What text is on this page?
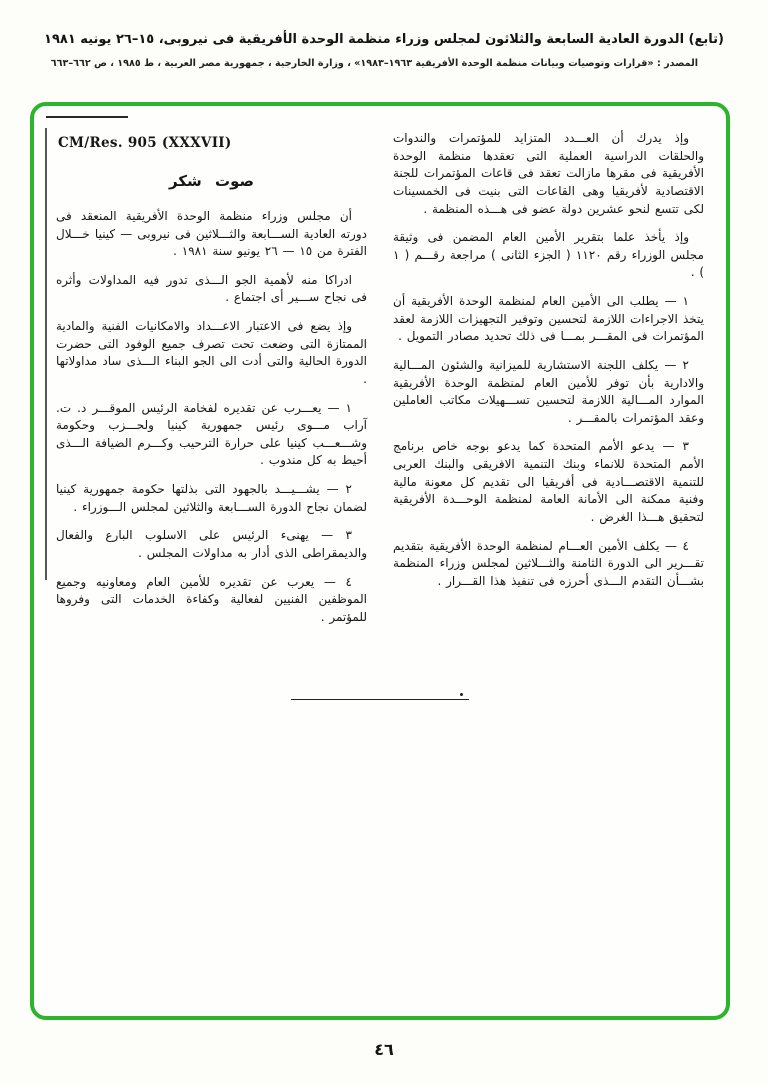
(تابع) الدورة العادية السابعة والثلاثون لمجلس وزراء منظمة الوحدة الأفريقية فى نيروبى، ١٥–٢٦ يونيه ١٩٨١
المصدر : «قرارات وتوصيات وبيانات منظمة الوحدة الأفريقية ١٩٦٣–١٩٨٣» ، وزارة الخارجية ، جمهورية مصر العربية ، ط ١٩٨٥ ، ص ٦٦٢–٦٦٣

وإذ يدرك أن العـــدد المتزايد للمؤتمرات والندوات والحلقات الدراسية العملية التى تعقدها منظمة الوحدة الأفريقية فى مقرها مازالت تعقد فى قاعات المؤتمرات للجنة الاقتصادية لأفريقيا وهى القاعات التى بنيت فى الخمسينات لكى تتسع لنحو عشرين دولة عضو فى هـــذه المنظمة .

وإذ يأخذ علما بتقرير الأمين العام المضمن فى وثيقة مجلس الوزراء رقم ١١٢٠ ( الجزء الثانى ) مراجعة رقـــم ( ١ ) .

١ — يطلب الى الأمين العام لمنظمة الوحدة الأفريقية أن يتخذ الاجراءات اللازمة لتحسين وتوفير التجهيزات اللازمة لعقد المؤتمرات فى المقـــر بمـــا فى ذلك تحديد مصادر التمويل .

٢ — يكلف اللجنة الاستشارية للميزانية والشئون المـــالية والادارية بأن توفر للأمين العام لمنظمة الوحدة الأفريقية الموارد المـــالية اللازمة لتحسين تســـهيلات مكاتب العاملين وعقد المؤتمرات بالمقـــر .

٣ — يدعو الأمم المتحدة كما يدعو بوجه خاص برنامج الأمم المتحدة للانماء وبنك التنمية الافريقى والبنك العربى للتنمية الاقتصـــادية فى أفريقيا الى تقديم كل معونة مالية وفنية ممكنة الى الأمانة العامة لمنظمة الوحـــدة الأفريقية لتحقيق هـــذا الغرض .

٤ — يكلف الأمين العـــام لمنظمة الوحدة الأفريقية بتقديم تقـــرير الى الدورة الثامنة والثـــلاثين لمجلس وزراء المنظمة بشـــأن التقدم الـــذى أحرزه فى تنفيذ هذا القـــرار .

CM/Res. 905 (XXXVII)
صوت شكر

أن مجلس وزراء منظمة الوحدة الأفريقية المنعقد فى دورته العادية الســـابعة والثـــلاثين فى نيروبى — كينيا خـــلال الفترة من ١٥ — ٢٦ يونيو سنة ١٩٨١ .

ادراكا منه لأهمية الجو الـــذى تدور فيه المداولات وأثره فى نجاح ســـير أى اجتماع .

وإذ يضع فى الاعتبار الاعـــداد والامكانيات الفنية والمادية الممتازة التى وضعت تحت تصرف جميع الوفود التى حضرت الدورة الحالية والتى أدت الى الجو البناء الـــذى ساد مداولاتها .

١ — يعـــرب عن تقديره لفخامة الرئيس الموقـــر د. ت. آراب مـــوى رئيس جمهورية كينيا ولحـــزب وحكومة وشـــعـــب كينيا على حرارة الترحيب وكـــرم الضيافة الـــذى أحيط به كل مندوب .

٢ — يشـــيـــد بالجهود التى بذلتها حكومة جمهورية كينيا لضمان نجاح الدورة الســـابعة والثلاثين لمجلس الـــوزراء .

٣ — يهنىء الرئيس على الاسلوب البارع والفعال والديمقراطى الذى أدار به مداولات المجلس .

٤ — يعرب عن تقديره للأمين العام ومعاونيه وجميع الموظفين الفنيين لفعالية وكفاءة الخدمات التى وفروها للمؤتمر .

٤٦
